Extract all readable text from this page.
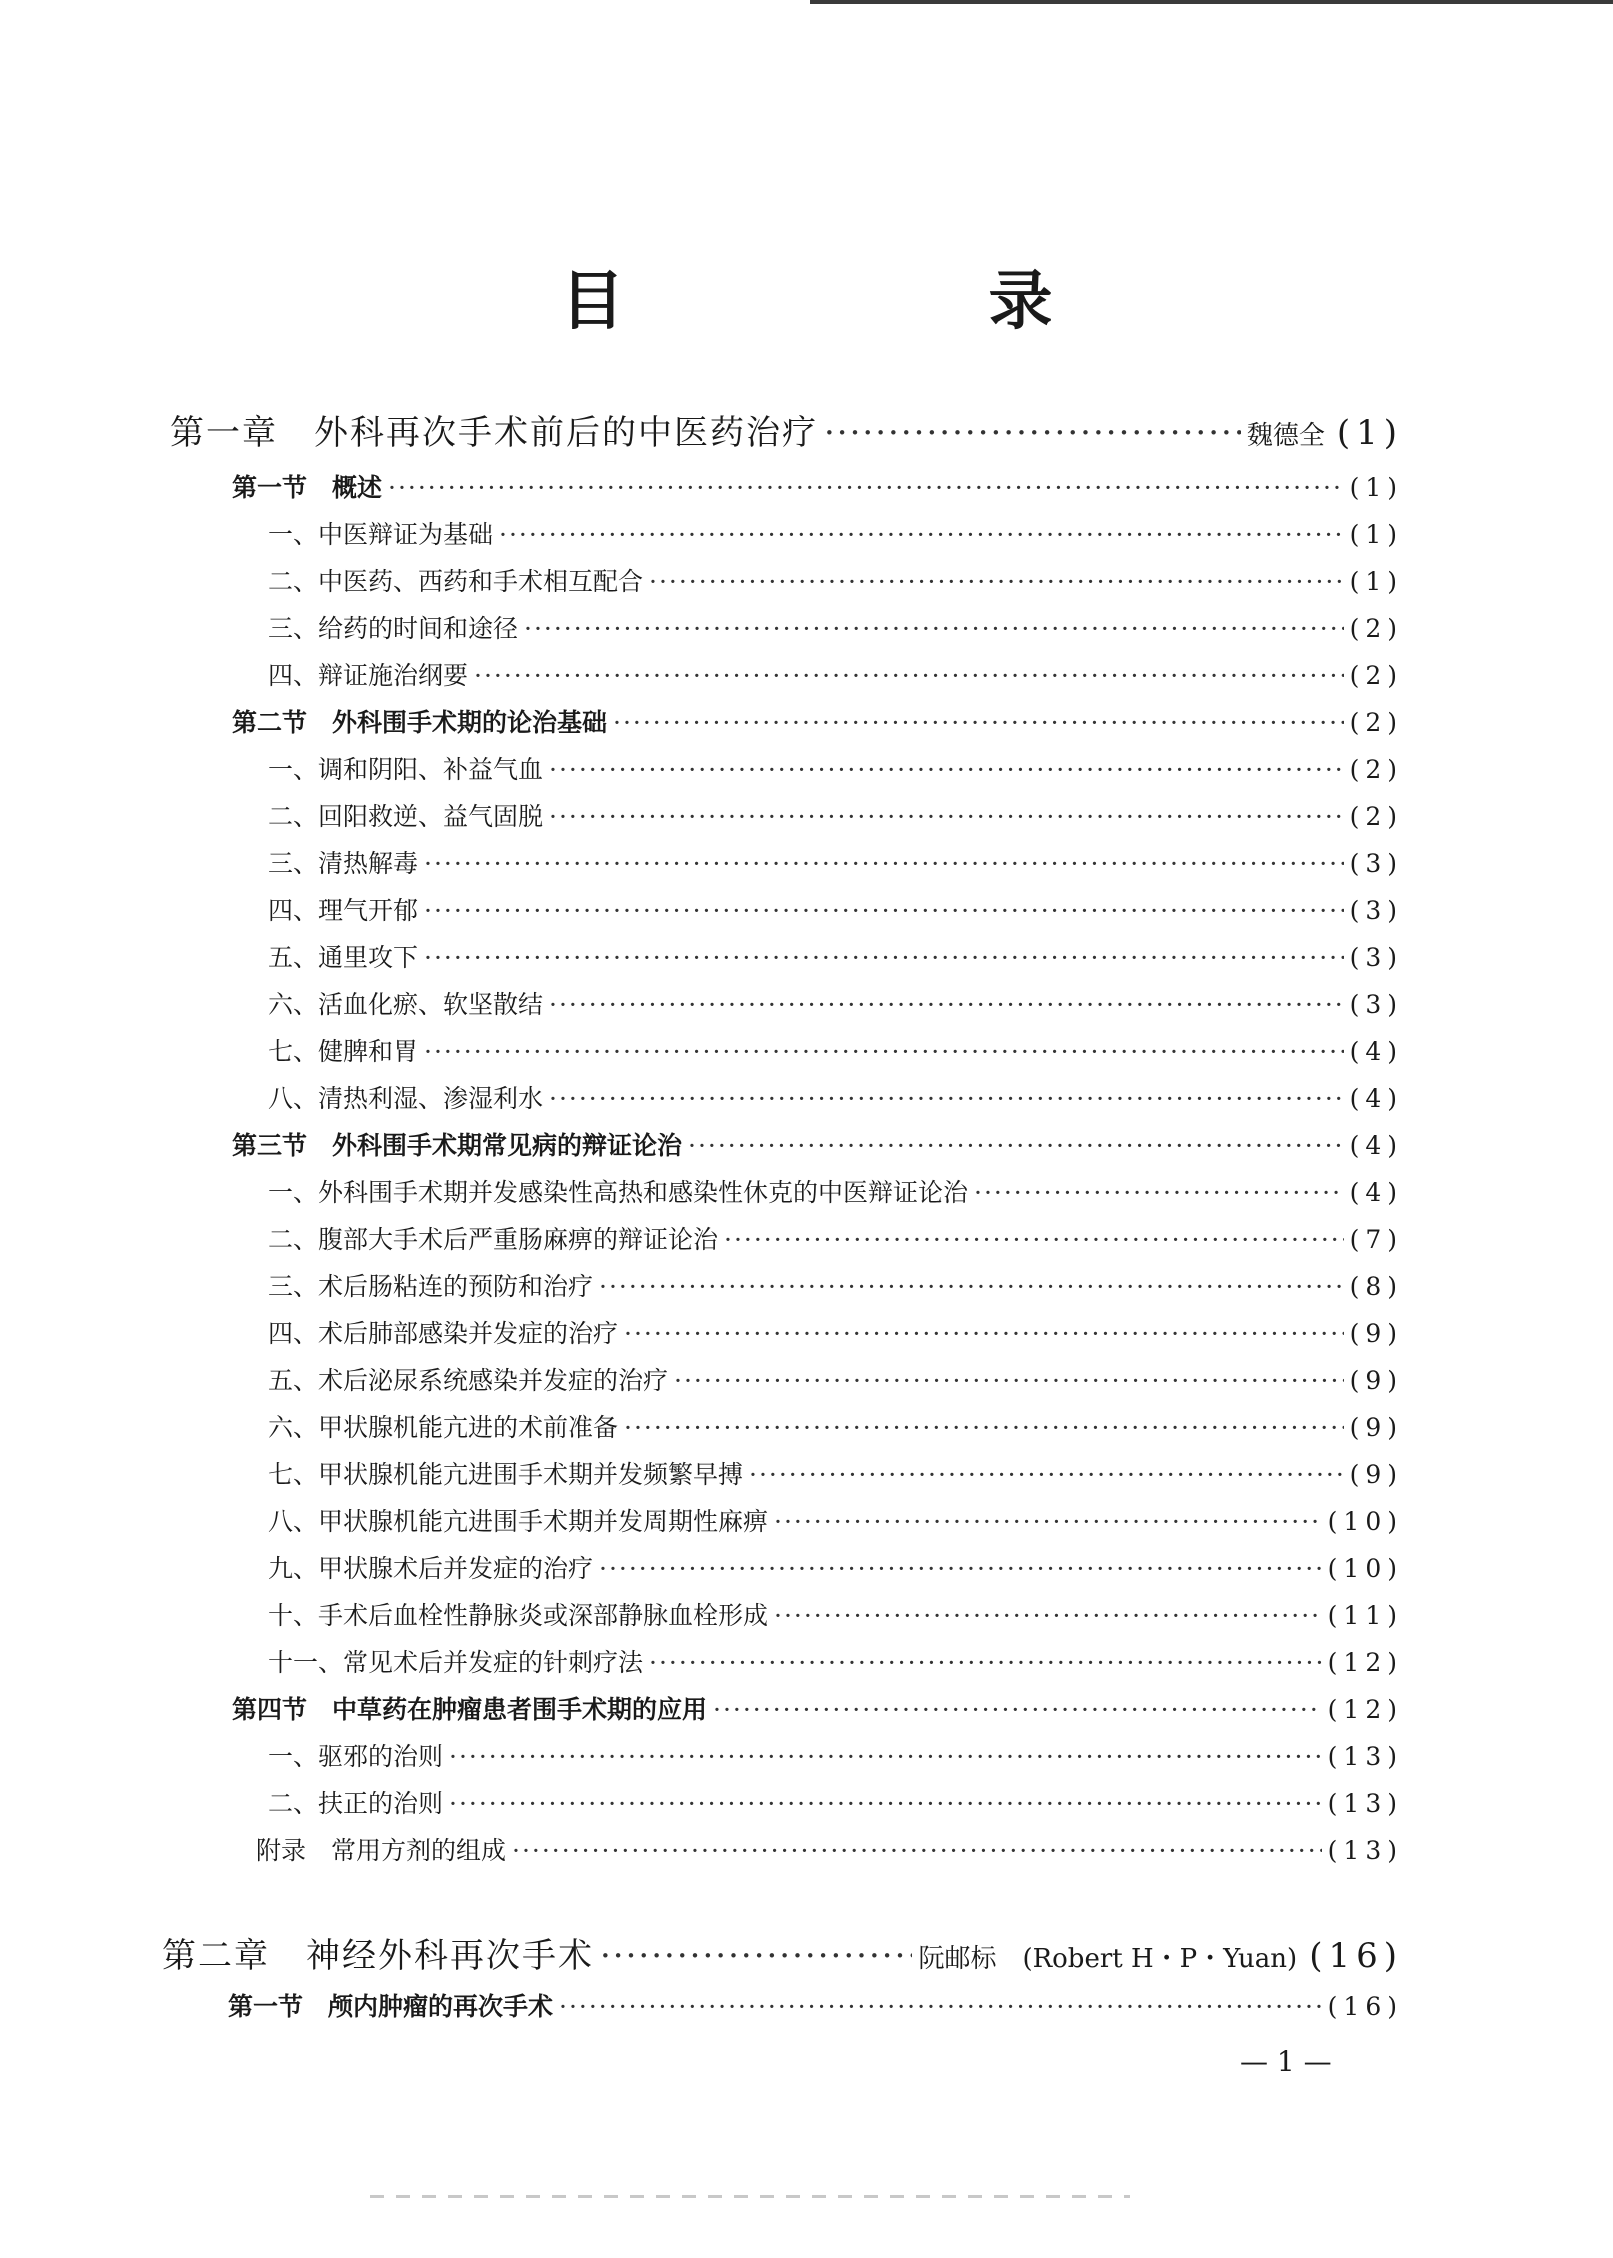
目　录
第一章　外科再次手术前后的中医药治疗 ·····	魏德全 (1)
第一节　概述 ·····	(1)
一、中医辩证为基础 ·····	(1)
二、中医药、西药和手术相互配合 ·····	(1)
三、给药的时间和途径 ·····	(2)
四、辩证施治纲要 ·····	(2)
第二节　外科围手术期的论治基础 ·····	(2)
一、调和阴阳、补益气血 ·····	(2)
二、回阳救逆、益气固脱 ·····	(2)
三、清热解毒 ·····	(3)
四、理气开郁 ·····	(3)
五、通里攻下 ·····	(3)
六、活血化瘀、软坚散结 ·····	(3)
七、健脾和胃 ·····	(4)
八、清热利湿、渗湿利水 ·····	(4)
第三节　外科围手术期常见病的辩证论治 ·····	(4)
一、外科围手术期并发感染性高热和感染性休克的中医辩证论治 ·····	(4)
二、腹部大手术后严重肠麻痹的辩证论治 ·····	(7)
三、术后肠粘连的预防和治疗 ·····	(8)
四、术后肺部感染并发症的治疗 ·····	(9)
五、术后泌尿系统感染并发症的治疗 ·····	(9)
六、甲状腺机能亢进的术前准备 ·····	(9)
七、甲状腺机能亢进围手术期并发频繁早搏 ·····	(9)
八、甲状腺机能亢进围手术期并发周期性麻痹 ·····	(10)
九、甲状腺术后并发症的治疗 ·····	(10)
十、手术后血栓性静脉炎或深部静脉血栓形成 ·····	(11)
十一、常见术后并发症的针刺疗法 ·····	(12)
第四节　中草药在肿瘤患者围手术期的应用 ·····	(12)
一、驱邪的治则 ·····	(13)
二、扶正的治则 ·····	(13)
附录　常用方剂的组成 ·····	(13)
第二章　神经外科再次手术 ·····	阮邮标　(Robert H・P・Yuan) (16)
第一节　颅内肿瘤的再次手术 ·····	(16)
— 1 —
